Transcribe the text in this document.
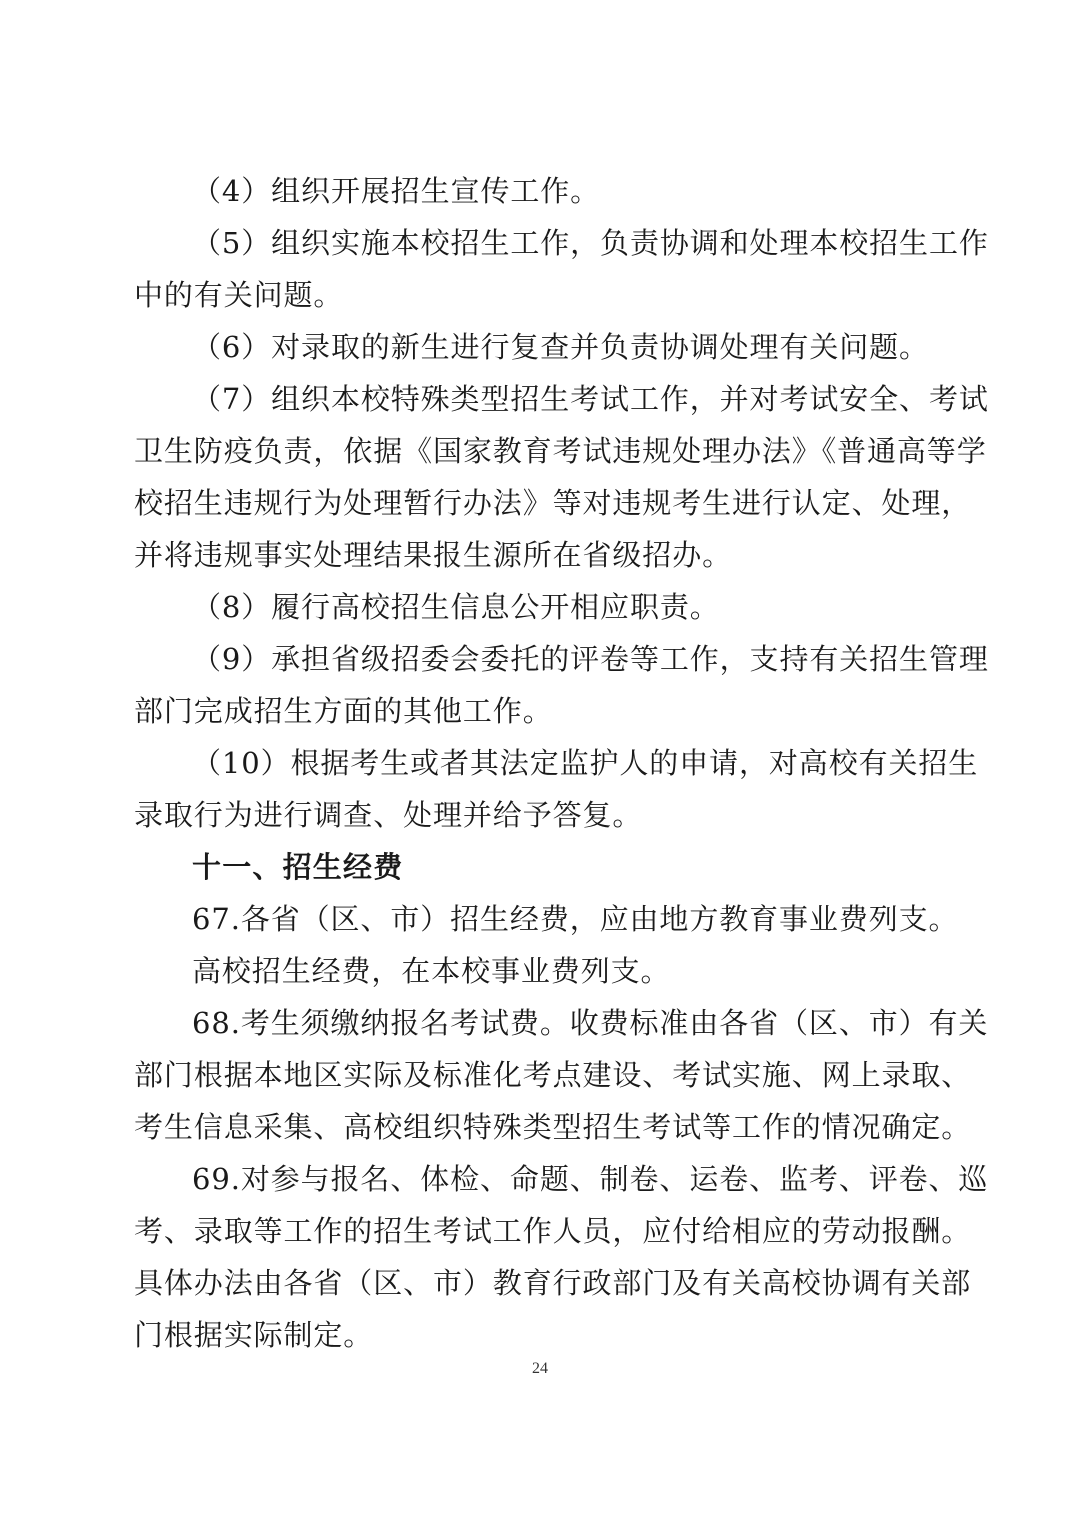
（4）组织开展招生宣传工作。
（5）组织实施本校招生工作，负责协调和处理本校招生工作
中的有关问题。
（6）对录取的新生进行复查并负责协调处理有关问题。
（7）组织本校特殊类型招生考试工作，并对考试安全、考试
卫生防疫负责，依据《国家教育考试违规处理办法》《普通高等学
校招生违规行为处理暂行办法》等对违规考生进行认定、处理，
并将违规事实处理结果报生源所在省级招办。
（8）履行高校招生信息公开相应职责。
（9）承担省级招委会委托的评卷等工作，支持有关招生管理
部门完成招生方面的其他工作。
（10）根据考生或者其法定监护人的申请，对高校有关招生
录取行为进行调查、处理并给予答复。
十一、招生经费
67.各省（区、市）招生经费，应由地方教育事业费列支。
高校招生经费，在本校事业费列支。
68.考生须缴纳报名考试费。收费标准由各省（区、市）有关
部门根据本地区实际及标准化考点建设、考试实施、网上录取、
考生信息采集、高校组织特殊类型招生考试等工作的情况确定。
69.对参与报名、体检、命题、制卷、运卷、监考、评卷、巡
考、录取等工作的招生考试工作人员，应付给相应的劳动报酬。
具体办法由各省（区、市）教育行政部门及有关高校协调有关部
门根据实际制定。
24
